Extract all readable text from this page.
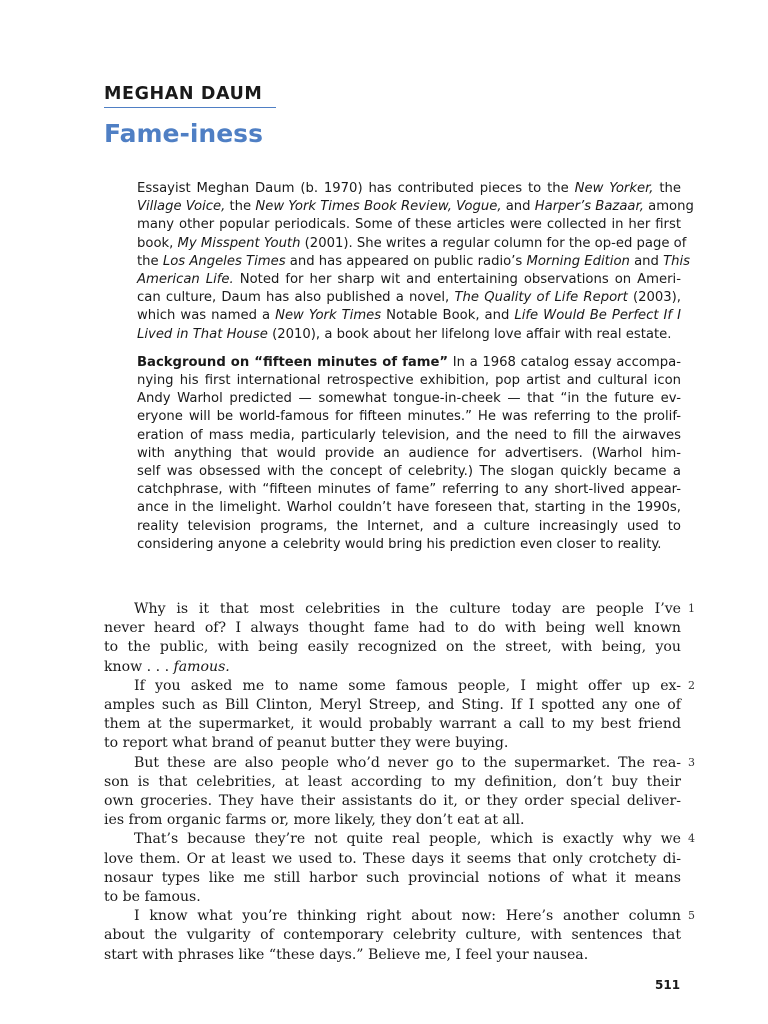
MEGHAN DAUM
Fame-iness

Essayist Meghan Daum (b. 1970) has contributed pieces to the New Yorker, the
Village Voice, the New York Times Book Review, Vogue, and Harper’s Bazaar, among
many other popular periodicals. Some of these articles were collected in her first
book, My Misspent Youth (2001). She writes a regular column for the op-ed page of
the Los Angeles Times and has appeared on public radio’s Morning Edition and This
American Life. Noted for her sharp wit and entertaining observations on Ameri-
can culture, Daum has also published a novel, The Quality of Life Report (2003),
which was named a New York Times Notable Book, and Life Would Be Perfect If I
Lived in That House (2010), a book about her lifelong love affair with real estate.

Background on “fifteen minutes of fame” In a 1968 catalog essay accompa-
nying his first international retrospective exhibition, pop artist and cultural icon
Andy Warhol predicted — somewhat tongue-in-cheek — that “in the future ev-
eryone will be world-famous for fifteen minutes.” He was referring to the prolif-
eration of mass media, particularly television, and the need to fill the airwaves
with anything that would provide an audience for advertisers. (Warhol him-
self was obsessed with the concept of celebrity.) The slogan quickly became a
catchphrase, with “fifteen minutes of fame” referring to any short-lived appear-
ance in the limelight. Warhol couldn’t have foreseen that, starting in the 1990s,
reality television programs, the Internet, and a culture increasingly used to
considering anyone a celebrity would bring his prediction even closer to reality.

Why is it that most celebrities in the culture today are people I’ve
never heard of? I always thought fame had to do with being well known
to the public, with being easily recognized on the street, with being, you
know . . . famous.
If you asked me to name some famous people, I might offer up ex-
amples such as Bill Clinton, Meryl Streep, and Sting. If I spotted any one of
them at the supermarket, it would probably warrant a call to my best friend
to report what brand of peanut butter they were buying.
But these are also people who’d never go to the supermarket. The rea-
son is that celebrities, at least according to my definition, don’t buy their
own groceries. They have their assistants do it, or they order special deliver-
ies from organic farms or, more likely, they don’t eat at all.
That’s because they’re not quite real people, which is exactly why we
love them. Or at least we used to. These days it seems that only crotchety di-
nosaur types like me still harbor such provincial notions of what it means
to be famous.
I know what you’re thinking right about now: Here’s another column
about the vulgarity of contemporary celebrity culture, with sentences that
start with phrases like “these days.” Believe me, I feel your nausea.
511
1
2
3
4
5
